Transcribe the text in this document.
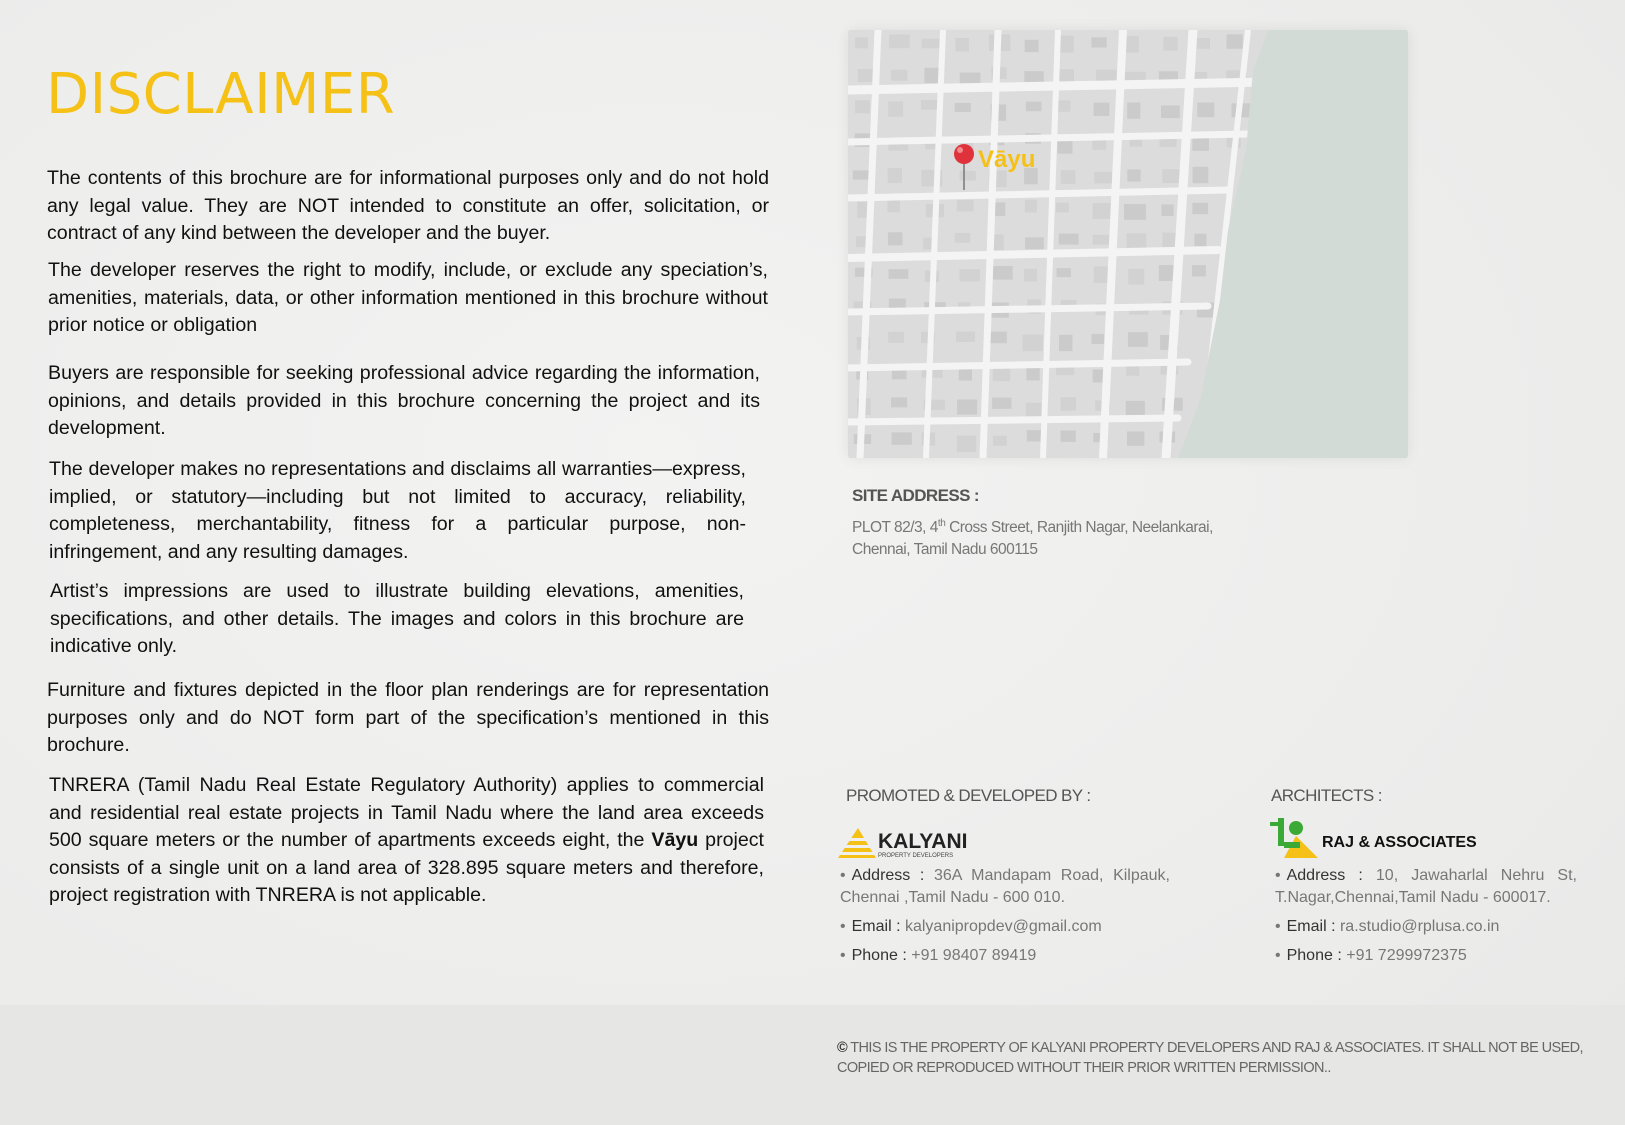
DISCLAIMER

The contents of this brochure are for informational purposes only and do not hold any legal value. They are NOT intended to constitute an offer, solicitation, or contract of any kind between the developer and the buyer.

The developer reserves the right to modify, include, or exclude any speciation’s, amenities, materials, data, or other information mentioned in this brochure without prior notice or obligation

Buyers are responsible for seeking professional advice regarding the information, opinions, and details provided in this brochure concerning the project and its development.

The developer makes no representations and disclaims all warranties—express, implied, or statutory—including but not limited to accuracy, reliability, completeness, merchantability, fitness for a particular purpose, non-infringement, and any resulting damages.

Artist’s impressions are used to illustrate building elevations, amenities, specifications, and other details. The images and colors in this brochure are indicative only.

Furniture and fixtures depicted in the floor plan renderings are for representation purposes only and do NOT form part of the specification’s mentioned in this brochure.

TNRERA (Tamil Nadu Real Estate Regulatory Authority) applies to commercial and residential real estate projects in Tamil Nadu where the land area exceeds 500 square meters or the number of apartments exceeds eight, the Vāyu project consists of a single unit on a land area of 328.895 square meters and therefore, project registration with TNRERA is not applicable.

Vāyu
SITE ADDRESS :
PLOT 82/3, 4th Cross Street, Ranjith Nagar, Neelankarai,
Chennai, Tamil Nadu 600115
PROMOTED & DEVELOPED BY :
KALYANI
PROPERTY DEVELOPERS
• Address : 36A Mandapam Road, Kilpauk, Chennai ,Tamil Nadu - 600 010.
• Email : kalyanipropdev@gmail.com
• Phone : +91 98407 89419
ARCHITECTS :
RAJ & ASSOCIATES
• Address : 10, Jawaharlal Nehru St, T.Nagar,Chennai,Tamil Nadu - 600017.
• Email : ra.studio@rplusa.co.in
• Phone : +91 7299972375
© THIS IS THE PROPERTY OF KALYANI PROPERTY DEVELOPERS AND RAJ & ASSOCIATES. IT SHALL NOT BE USED, COPIED OR REPRODUCED WITHOUT THEIR PRIOR WRITTEN PERMISSION..
